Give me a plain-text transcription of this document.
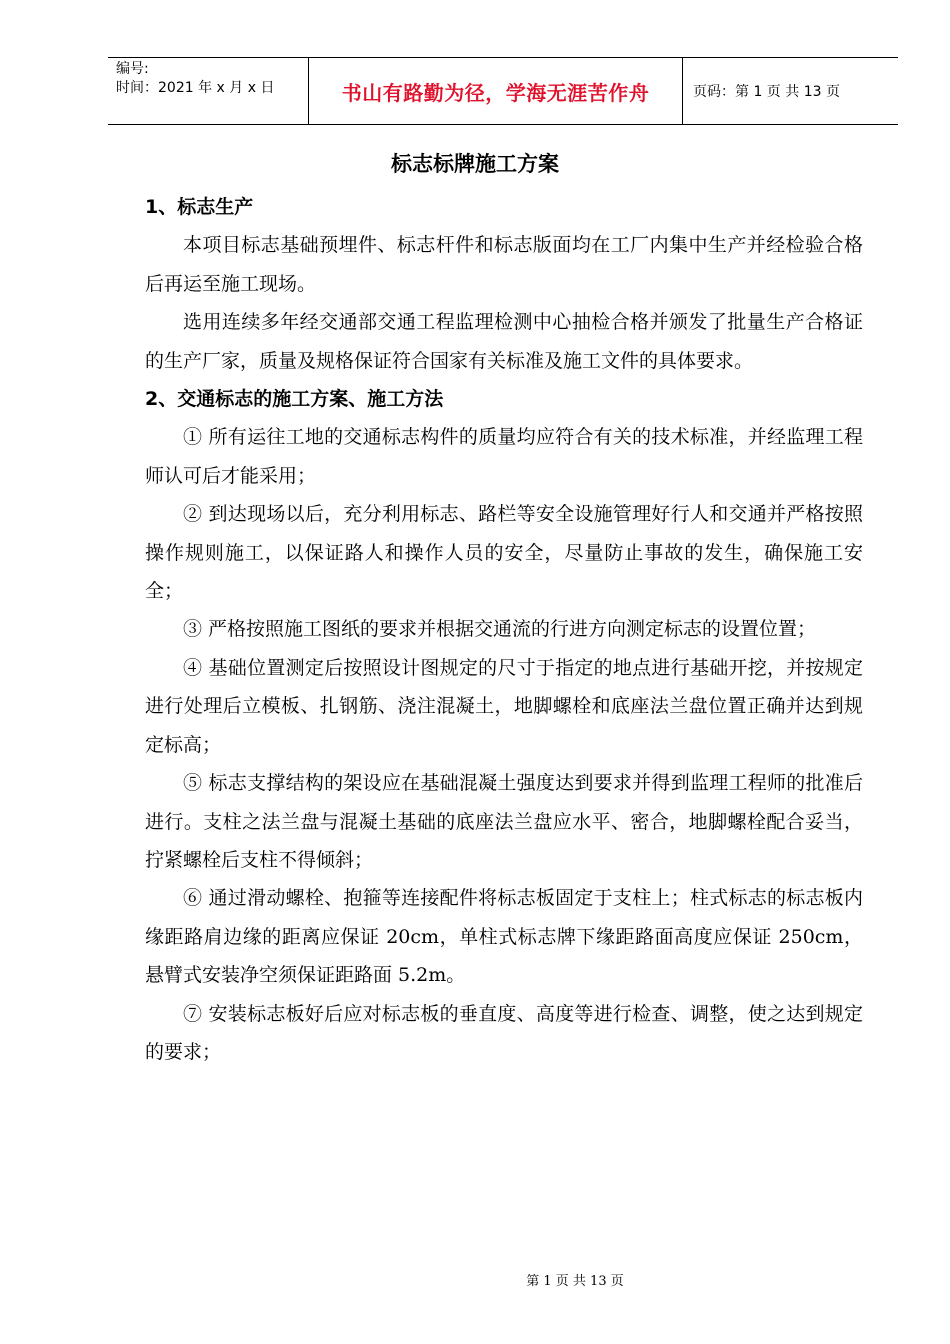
编号:
时间：2021 年 x 月 x 日	书山有路勤为径，学海无涯苦作舟	页码：第 1 页 共 13 页
标志标牌施工方案

1、标志生产

本项目标志基础预埋件、标志杆件和标志版面均在工厂内集中生产并经检验合格后再运至施工现场。

选用连续多年经交通部交通工程监理检测中心抽检合格并颁发了批量生产合格证的生产厂家，质量及规格保证符合国家有关标准及施工文件的具体要求。

2、交通标志的施工方案、施工方法

① 所有运往工地的交通标志构件的质量均应符合有关的技术标准，并经监理工程师认可后才能采用；

② 到达现场以后，充分利用标志、路栏等安全设施管理好行人和交通并严格按照操作规则施工，以保证路人和操作人员的安全，尽量防止事故的发生，确保施工安全；

③ 严格按照施工图纸的要求并根据交通流的行进方向测定标志的设置位置；

④ 基础位置测定后按照设计图规定的尺寸于指定的地点进行基础开挖，并按规定进行处理后立模板、扎钢筋、浇注混凝土，地脚螺栓和底座法兰盘位置正确并达到规定标高；

⑤ 标志支撑结构的架设应在基础混凝土强度达到要求并得到监理工程师的批准后进行。支柱之法兰盘与混凝土基础的底座法兰盘应水平、密合，地脚螺栓配合妥当，拧紧螺栓后支柱不得倾斜；

⑥ 通过滑动螺栓、抱箍等连接配件将标志板固定于支柱上；柱式标志的标志板内缘距路肩边缘的距离应保证 20cm，单柱式标志牌下缘距路面高度应保证 250cm，悬臂式安装净空须保证距路面 5.2m。

⑦ 安装标志板好后应对标志板的垂直度、高度等进行检查、调整，使之达到规定的要求；

第 1 页 共 13 页
